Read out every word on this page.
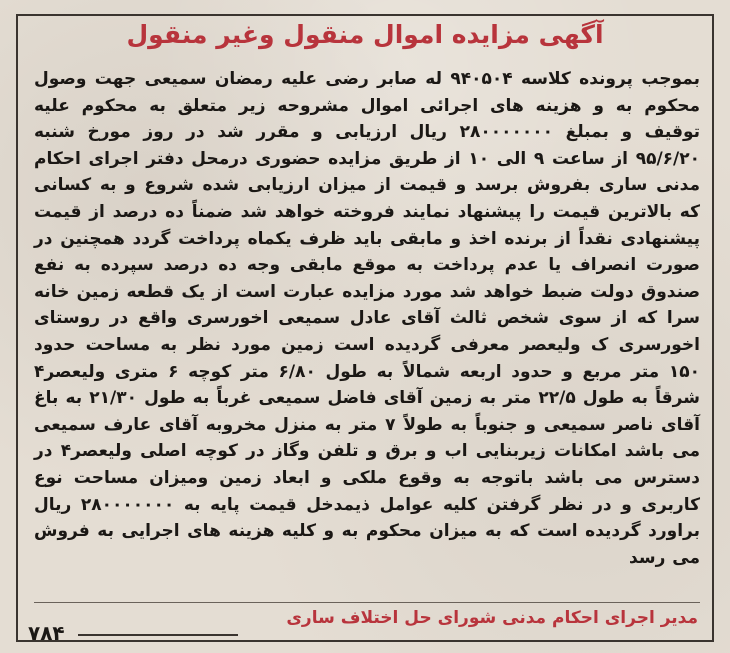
آگهی مزایده اموال منقول وغیر منقول

بموجب پرونده کلاسه ۹۴۰۵۰۴ له صابر رضی علیه رمضان سمیعی جهت وصول محکوم به و هزینه های اجرائی اموال مشروحه زیر متعلق به محکوم علیه توقیف و بمبلغ ۲۸۰۰۰۰۰۰۰ ریال ارزیابی و مقرر شد در روز مورخ شنبه ۹۵/۶/۲۰ از ساعت ۹ الی ۱۰ از طریق مزایده حضوری درمحل دفتر اجرای احکام مدنی ساری بفروش برسد و قیمت از میزان ارزیابی شده شروع و به کسانی که بالاترین قیمت را پیشنهاد نمایند فروخته خواهد شد ضمناً ده درصد از قیمت پیشنهادی نقداً از برنده اخذ و مابقی باید ظرف یکماه پرداخت گردد همچنین در صورت انصراف یا عدم پرداخت به موقع مابقی وجه ده درصد سپرده به نفع صندوق دولت ضبط خواهد شد مورد مزایده عبارت است از یک قطعه زمین خانه سرا که از سوی شخص ثالث آقای عادل سمیعی اخورسری واقع در روستای اخورسری ک ولیعصر معرفی گردیده است زمین مورد نظر به مساحت حدود ۱۵۰ متر مربع و حدود اربعه شمالاً به طول ۶/۸۰ متر کوچه ۶ متری ولیعصر۴ شرقاً به طول ۲۲/۵ متر به زمین آقای فاضل سمیعی غرباً به طول ۲۱/۳۰ به باغ آقای ناصر سمیعی و جنوباً به طولاً ۷ متر به منزل مخروبه آقای عارف سمیعی می باشد امکانات زیربنایی اب و برق و تلفن وگاز در کوچه اصلی ولیعصر۴ در دسترس می باشد باتوجه به وقوع ملکی و ابعاد زمین ومیزان مساحت نوع کاربری و در نظر گرفتن کلیه عوامل ذیمدخل قیمت پایه به ۲۸۰۰۰۰۰۰۰ ریال براورد گردیده است که به میزان محکوم به و کلیه هزینه های اجرایی به فروش می رسد

مدیر اجرای احکام مدنی شورای حل اختلاف ساری

۷۸۴
